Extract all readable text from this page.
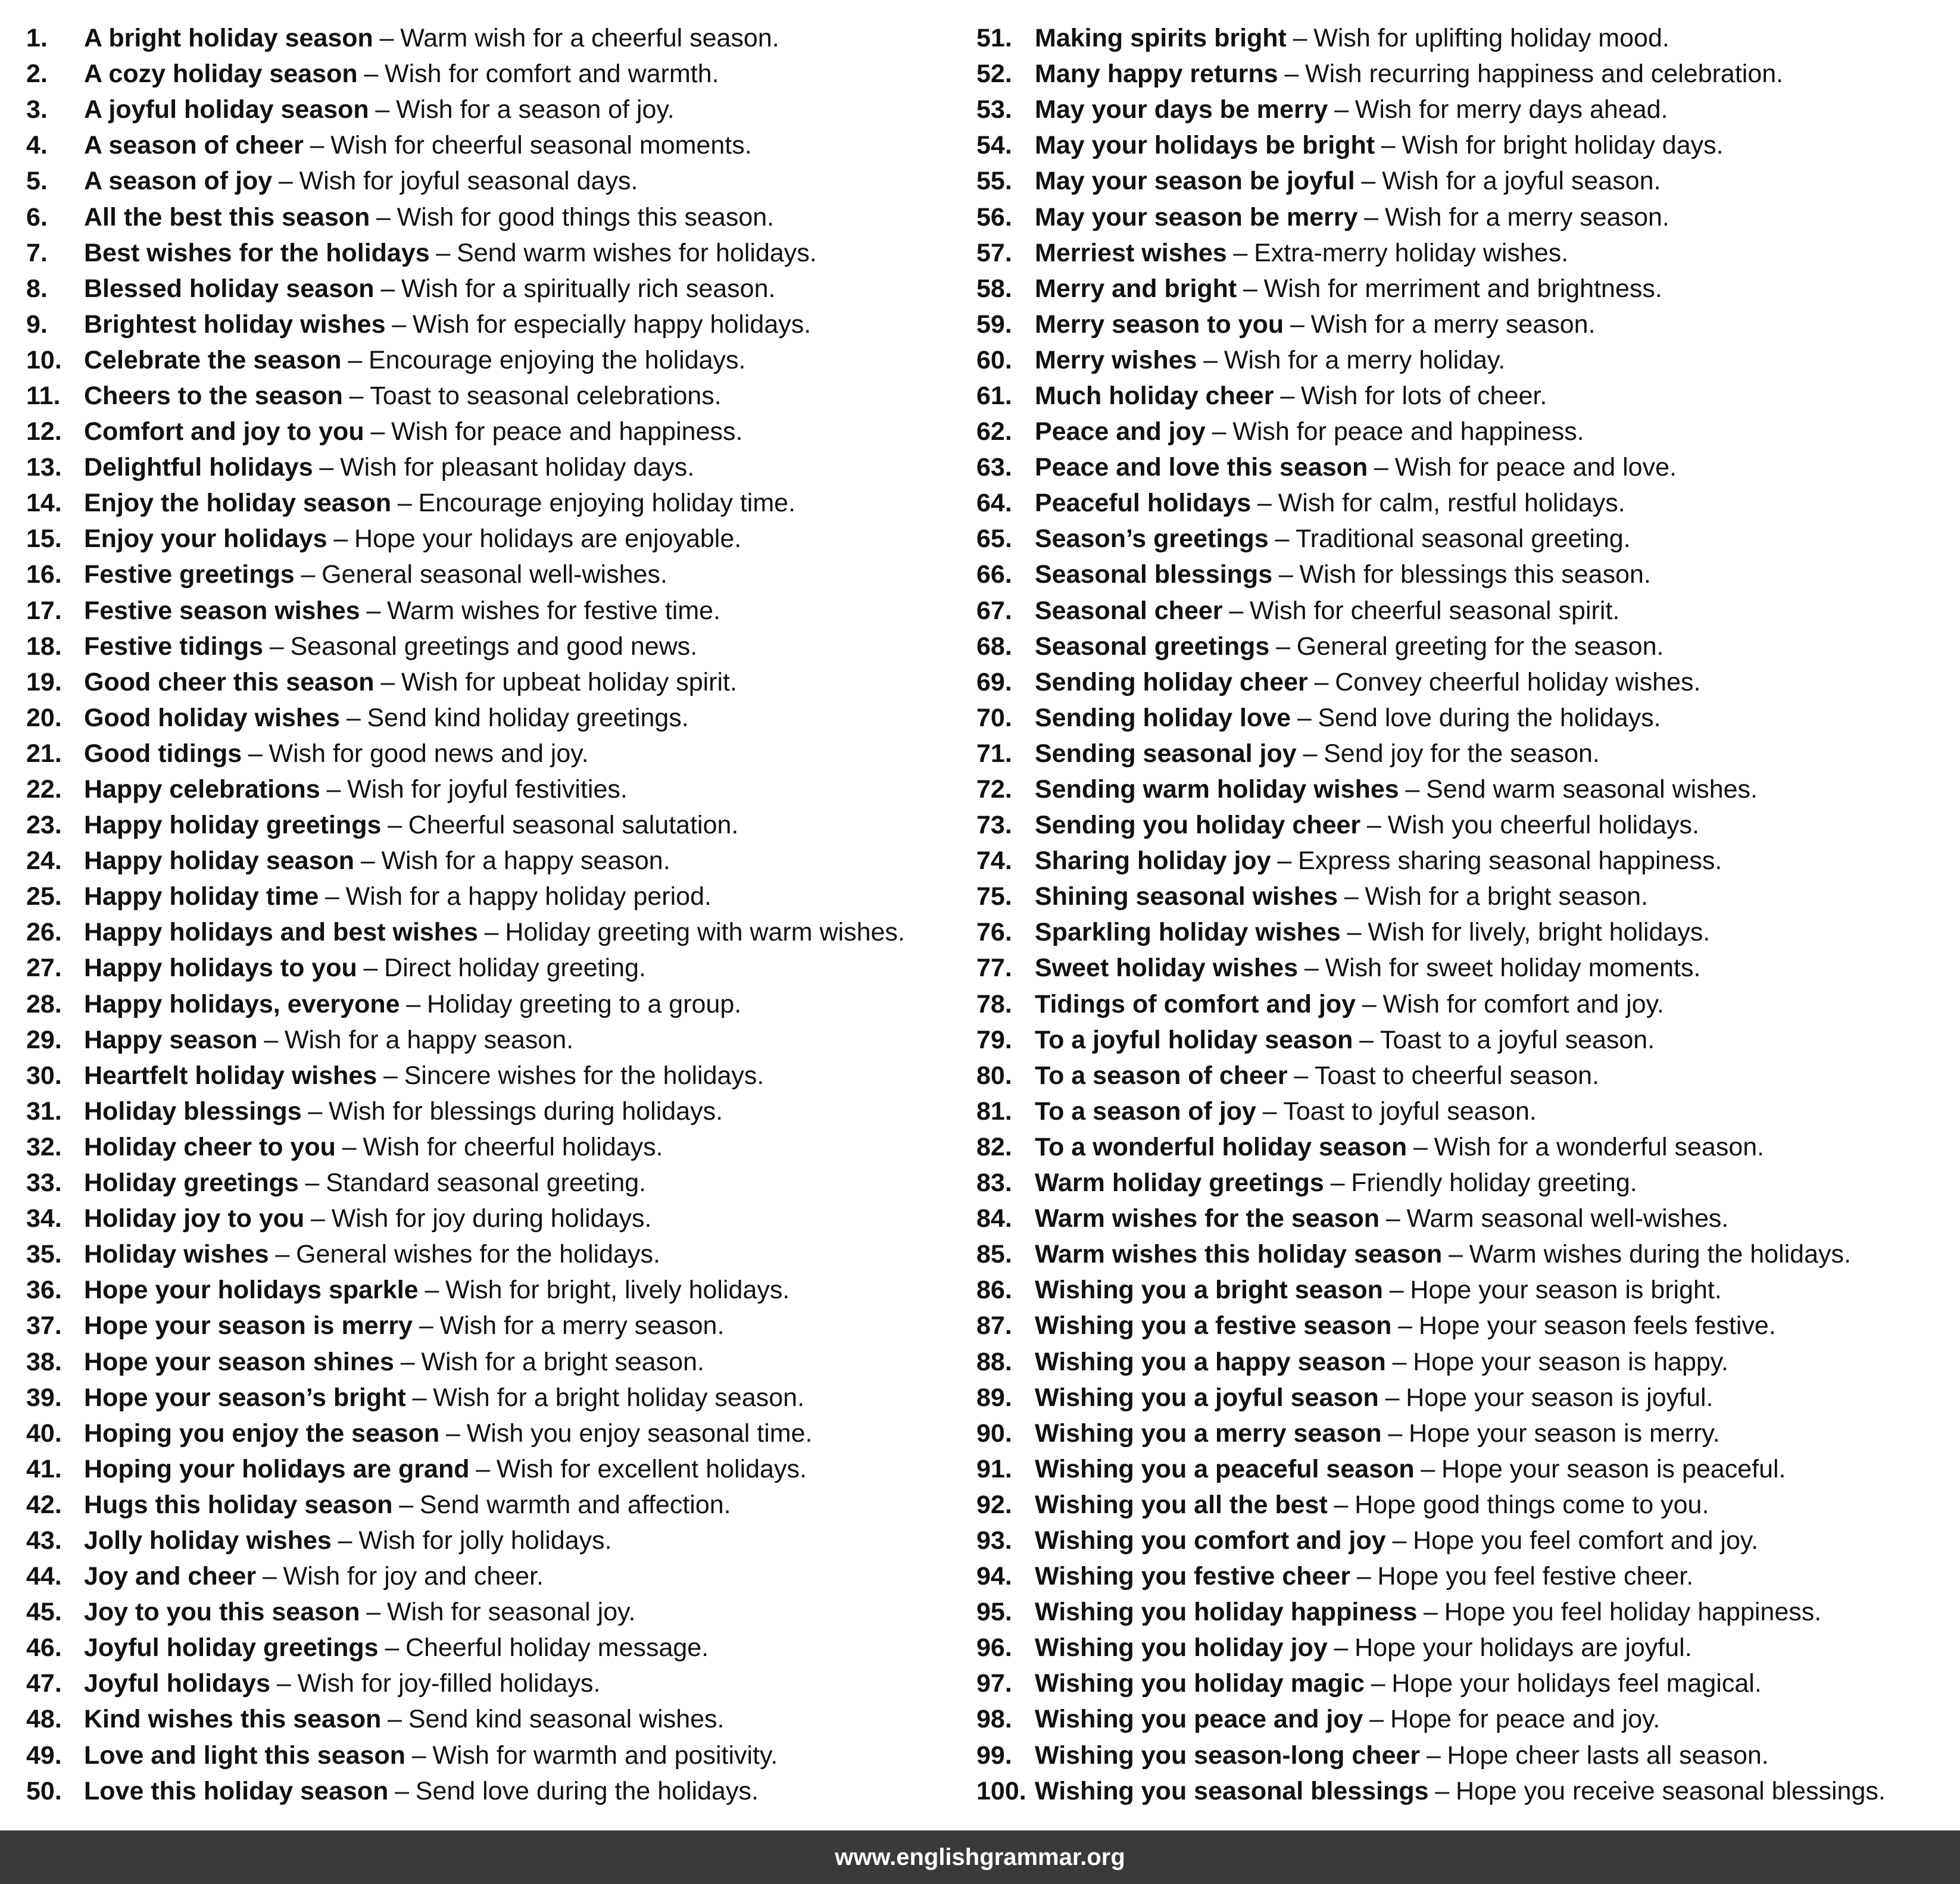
1.	A bright holiday season – Warm wish for a cheerful season.
2.	A cozy holiday season – Wish for comfort and warmth.
3.	A joyful holiday season – Wish for a season of joy.
4.	A season of cheer – Wish for cheerful seasonal moments.
5.	A season of joy – Wish for joyful seasonal days.
6.	All the best this season – Wish for good things this season.
7.	Best wishes for the holidays – Send warm wishes for holidays.
8.	Blessed holiday season – Wish for a spiritually rich season.
9.	Brightest holiday wishes – Wish for especially happy holidays.
10. Celebrate the season – Encourage enjoying the holidays.
11. Cheers to the season – Toast to seasonal celebrations.
12. Comfort and joy to you – Wish for peace and happiness.
13. Delightful holidays – Wish for pleasant holiday days.
14. Enjoy the holiday season – Encourage enjoying holiday time.
15. Enjoy your holidays – Hope your holidays are enjoyable.
16. Festive greetings – General seasonal well-wishes.
17. Festive season wishes – Warm wishes for festive time.
18. Festive tidings – Seasonal greetings and good news.
19. Good cheer this season – Wish for upbeat holiday spirit.
20. Good holiday wishes – Send kind holiday greetings.
21. Good tidings – Wish for good news and joy.
22. Happy celebrations – Wish for joyful festivities.
23. Happy holiday greetings – Cheerful seasonal salutation.
24. Happy holiday season – Wish for a happy season.
25. Happy holiday time – Wish for a happy holiday period.
26. Happy holidays and best wishes – Holiday greeting with warm wishes.
27. Happy holidays to you – Direct holiday greeting.
28. Happy holidays, everyone – Holiday greeting to a group.
29. Happy season – Wish for a happy season.
30. Heartfelt holiday wishes – Sincere wishes for the holidays.
31. Holiday blessings – Wish for blessings during holidays.
32. Holiday cheer to you – Wish for cheerful holidays.
33. Holiday greetings – Standard seasonal greeting.
34. Holiday joy to you – Wish for joy during holidays.
35. Holiday wishes – General wishes for the holidays.
36. Hope your holidays sparkle – Wish for bright, lively holidays.
37. Hope your season is merry – Wish for a merry season.
38. Hope your season shines – Wish for a bright season.
39. Hope your season’s bright – Wish for a bright holiday season.
40. Hoping you enjoy the season – Wish you enjoy seasonal time.
41. Hoping your holidays are grand – Wish for excellent holidays.
42. Hugs this holiday season – Send warmth and affection.
43. Jolly holiday wishes – Wish for jolly holidays.
44. Joy and cheer – Wish for joy and cheer.
45. Joy to you this season – Wish for seasonal joy.
46. Joyful holiday greetings – Cheerful holiday message.
47. Joyful holidays – Wish for joy-filled holidays.
48. Kind wishes this season – Send kind seasonal wishes.
49. Love and light this season – Wish for warmth and positivity.
50. Love this holiday season – Send love during the holidays.
51. Making spirits bright – Wish for uplifting holiday mood.
52. Many happy returns – Wish recurring happiness and celebration.
53. May your days be merry – Wish for merry days ahead.
54. May your holidays be bright – Wish for bright holiday days.
55. May your season be joyful – Wish for a joyful season.
56. May your season be merry – Wish for a merry season.
57. Merriest wishes – Extra-merry holiday wishes.
58. Merry and bright – Wish for merriment and brightness.
59. Merry season to you – Wish for a merry season.
60. Merry wishes – Wish for a merry holiday.
61. Much holiday cheer – Wish for lots of cheer.
62. Peace and joy – Wish for peace and happiness.
63. Peace and love this season – Wish for peace and love.
64. Peaceful holidays – Wish for calm, restful holidays.
65. Season’s greetings – Traditional seasonal greeting.
66. Seasonal blessings – Wish for blessings this season.
67. Seasonal cheer – Wish for cheerful seasonal spirit.
68. Seasonal greetings – General greeting for the season.
69. Sending holiday cheer – Convey cheerful holiday wishes.
70. Sending holiday love – Send love during the holidays.
71. Sending seasonal joy – Send joy for the season.
72. Sending warm holiday wishes – Send warm seasonal wishes.
73. Sending you holiday cheer – Wish you cheerful holidays.
74. Sharing holiday joy – Express sharing seasonal happiness.
75. Shining seasonal wishes – Wish for a bright season.
76. Sparkling holiday wishes – Wish for lively, bright holidays.
77. Sweet holiday wishes – Wish for sweet holiday moments.
78. Tidings of comfort and joy – Wish for comfort and joy.
79. To a joyful holiday season – Toast to a joyful season.
80. To a season of cheer – Toast to cheerful season.
81. To a season of joy – Toast to joyful season.
82. To a wonderful holiday season – Wish for a wonderful season.
83. Warm holiday greetings – Friendly holiday greeting.
84. Warm wishes for the season – Warm seasonal well-wishes.
85. Warm wishes this holiday season – Warm wishes during the holidays.
86. Wishing you a bright season – Hope your season is bright.
87. Wishing you a festive season – Hope your season feels festive.
88. Wishing you a happy season – Hope your season is happy.
89. Wishing you a joyful season – Hope your season is joyful.
90. Wishing you a merry season – Hope your season is merry.
91. Wishing you a peaceful season – Hope your season is peaceful.
92. Wishing you all the best – Hope good things come to you.
93. Wishing you comfort and joy – Hope you feel comfort and joy.
94. Wishing you festive cheer – Hope you feel festive cheer.
95. Wishing you holiday happiness – Hope you feel holiday happiness.
96. Wishing you holiday joy – Hope your holidays are joyful.
97. Wishing you holiday magic – Hope your holidays feel magical.
98. Wishing you peace and joy – Hope for peace and joy.
99. Wishing you season-long cheer – Hope cheer lasts all season.
100. Wishing you seasonal blessings – Hope you receive seasonal blessings.
www.englishgrammar.org
